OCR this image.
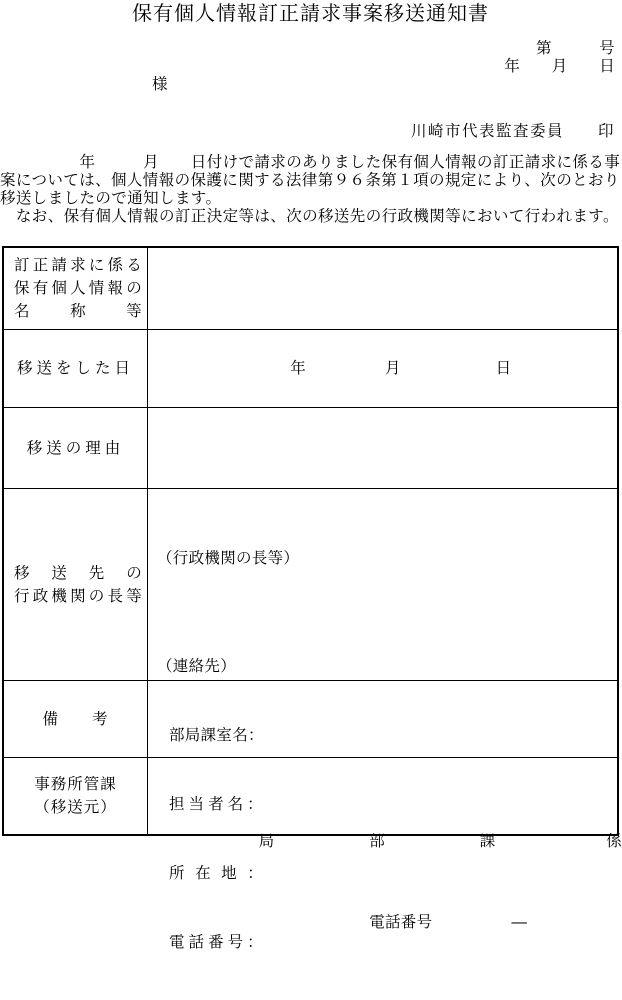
保有個人情報訂正請求事案移送通知書
第　　　号
年　　月　　日
様
川崎市代表監査委員　　印
　　　　　年　　　月　　日付けで請求のありました保有個人情報の訂正請求に係る事
案については、個人情報の保護に関する法律第９６条第１項の規定により、次のとおり
移送しましたので通知します。
　なお、保有個人情報の訂正決定等は、次の移送先の行政機関等において行われます。
訂正請求に係る
保有個人情報の
名　称　等
移送をした日 　　　　　　　　　年　　　　　月　　　　　　日
移送の理由
移　送　先　の
行政機関の長等

（行政機関の長等）

（連絡先）

部局課室名：

担当者名：

所在地：

電話番号：

備　　考
事務所管課
（移送元）

　　　　　　　局　　　　　　部　　　　　　課　　　　　　　係

　　　　　　　　　　　　　　電話番号　　　　　―
